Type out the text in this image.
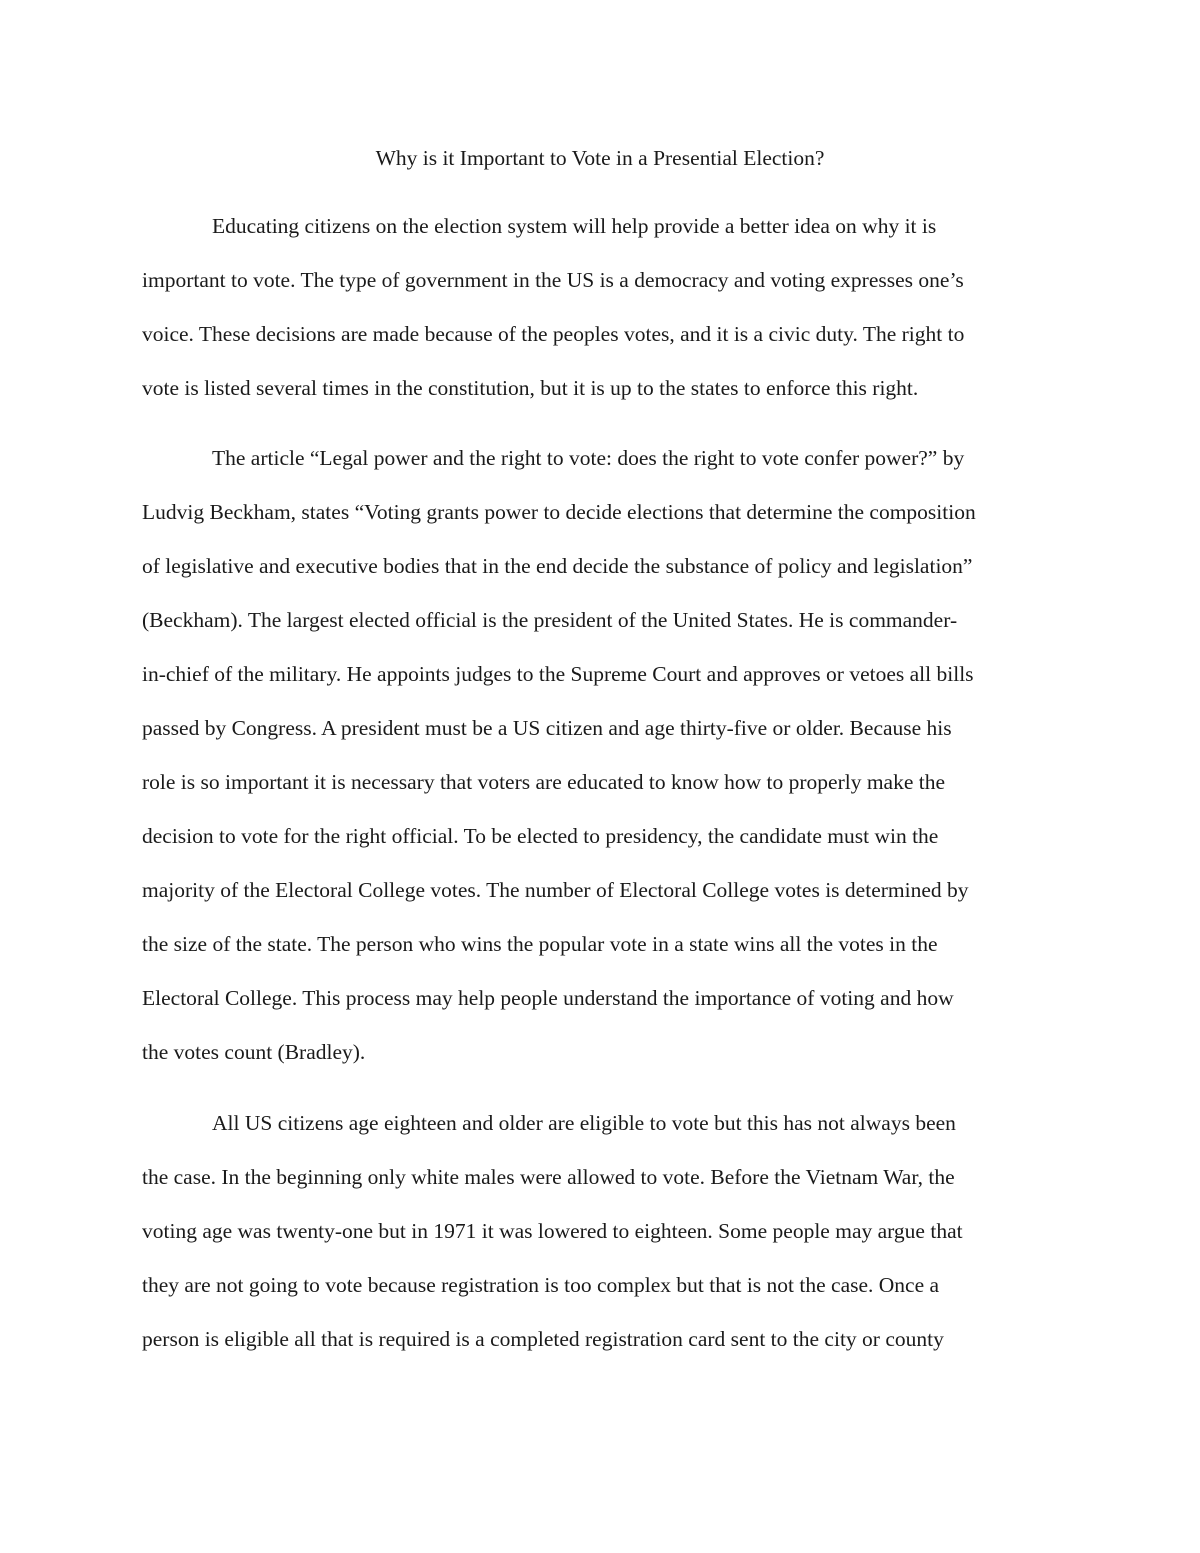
Why is it Important to Vote in a Presential Election?

Educating citizens on the election system will help provide a better idea on why it is

important to vote. The type of government in the US is a democracy and voting expresses one’s

voice. These decisions are made because of the peoples votes, and it is a civic duty. The right to

vote is listed several times in the constitution, but it is up to the states to enforce this right.

The article “Legal power and the right to vote: does the right to vote confer power?” by

Ludvig Beckham, states “Voting grants power to decide elections that determine the composition

of legislative and executive bodies that in the end decide the substance of policy and legislation”

(Beckham). The largest elected official is the president of the United States. He is commander-

in-chief of the military. He appoints judges to the Supreme Court and approves or vetoes all bills

passed by Congress. A president must be a US citizen and age thirty-five or older. Because his

role is so important it is necessary that voters are educated to know how to properly make the

decision to vote for the right official. To be elected to presidency, the candidate must win the

majority of the Electoral College votes. The number of Electoral College votes is determined by

the size of the state. The person who wins the popular vote in a state wins all the votes in the

Electoral College. This process may help people understand the importance of voting and how

the votes count (Bradley).

All US citizens age eighteen and older are eligible to vote but this has not always been

the case. In the beginning only white males were allowed to vote. Before the Vietnam War, the

voting age was twenty-one but in 1971 it was lowered to eighteen. Some people may argue that

they are not going to vote because registration is too complex but that is not the case. Once a

person is eligible all that is required is a completed registration card sent to the city or county
